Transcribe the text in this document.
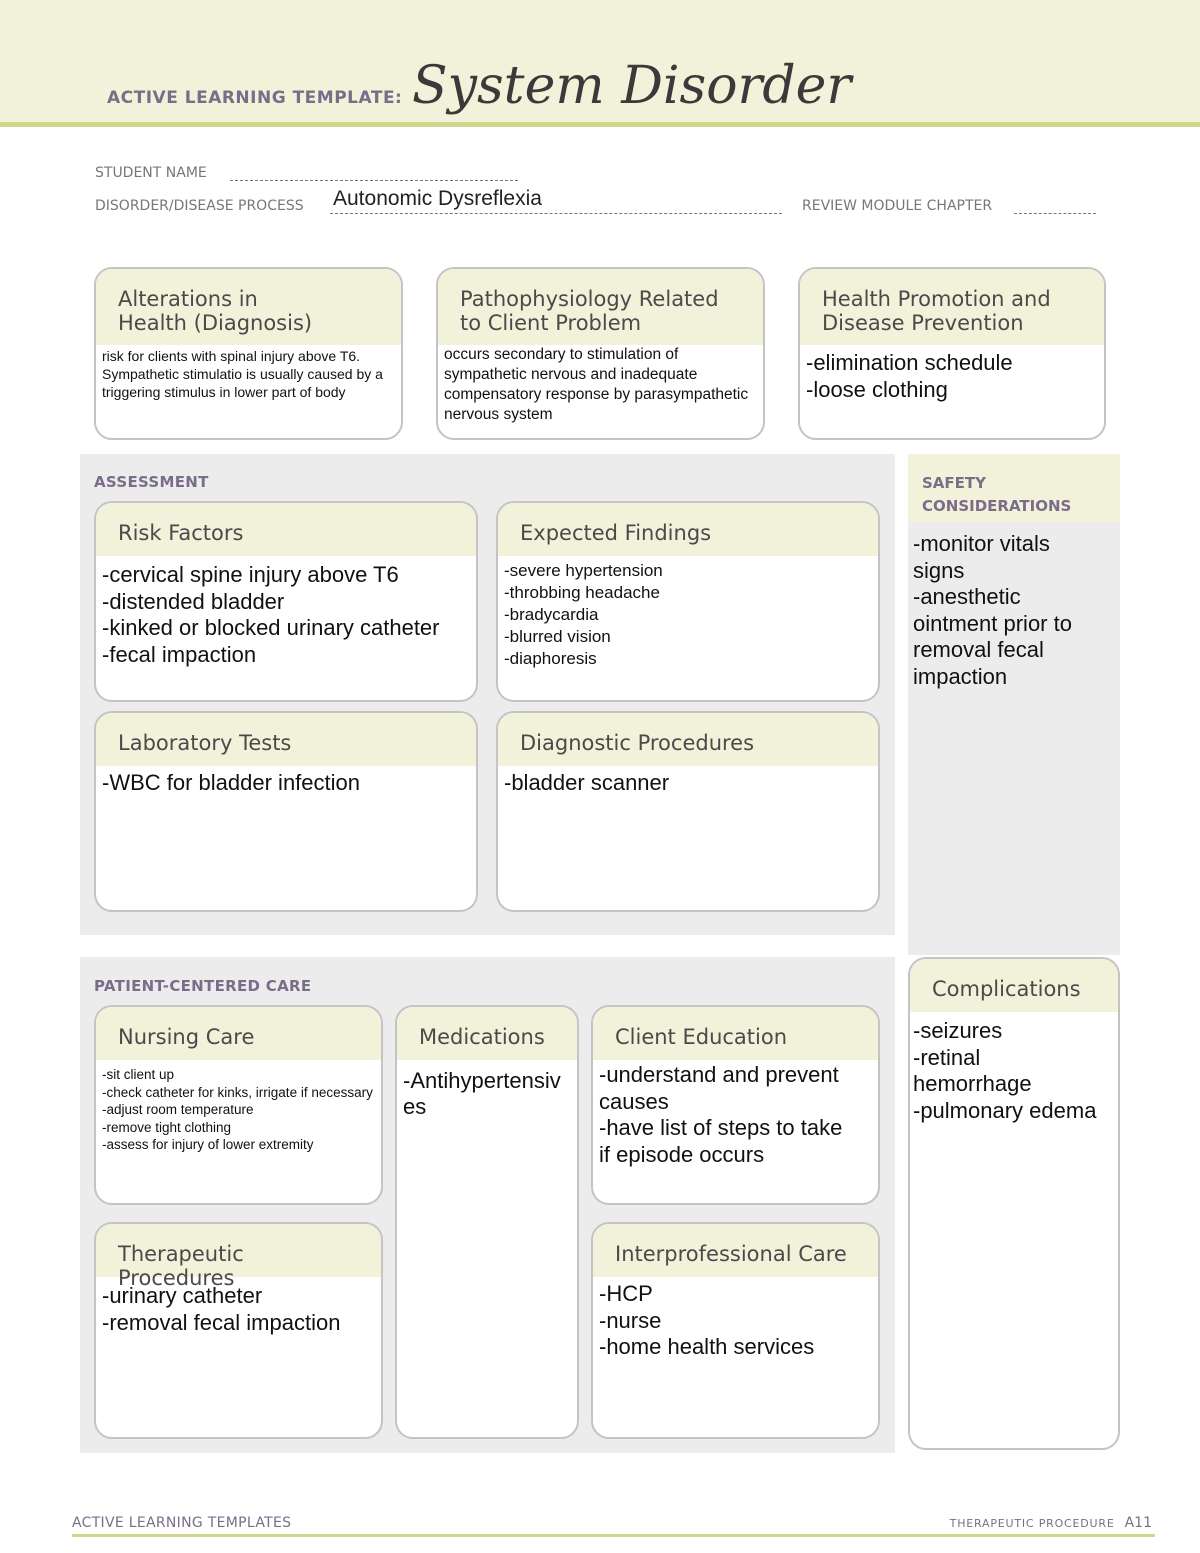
ACTIVE LEARNING TEMPLATE: System Disorder
STUDENT NAME
DISORDER/DISEASE PROCESS Autonomic Dysreflexia	REVIEW MODULE CHAPTER
Alterations in
Health (Diagnosis)
risk for clients with spinal injury above T6. Sympathetic stimulatio is usually caused by a triggering stimulus in lower part of body
Pathophysiology Related
to Client Problem
occurs secondary to stimulation of sympathetic nervous and inadequate compensatory response by parasympathetic nervous system
Health Promotion and
Disease Prevention
-elimination schedule
-loose clothing
ASSESSMENT
Risk Factors
-cervical spine injury above T6
-distended bladder
-kinked or blocked urinary catheter
-fecal impaction
Expected Findings
-severe hypertension
-throbbing headache
-bradycardia
-blurred vision
-diaphoresis
Laboratory Tests
-WBC for bladder infection
Diagnostic Procedures
-bladder scanner
SAFETY
CONSIDERATIONS
-monitor vitals
signs
-anesthetic
ointment prior to
removal fecal
impaction
Complications
-seizures
-retinal
hemorrhage
-pulmonary edema
PATIENT-CENTERED CARE
Nursing Care
-sit client up
-check catheter for kinks, irrigate if necessary
-adjust room temperature
-remove tight clothing
-assess for injury of lower extremity
Medications
-Antihypertensiv
es
Client Education
-understand and prevent
causes
-have list of steps to take
if episode occurs
Therapeutic Procedures
-urinary catheter
-removal fecal impaction
Interprofessional Care
-HCP
-nurse
-home health services
ACTIVE LEARNING TEMPLATES	THERAPEUTIC PROCEDURE A11
